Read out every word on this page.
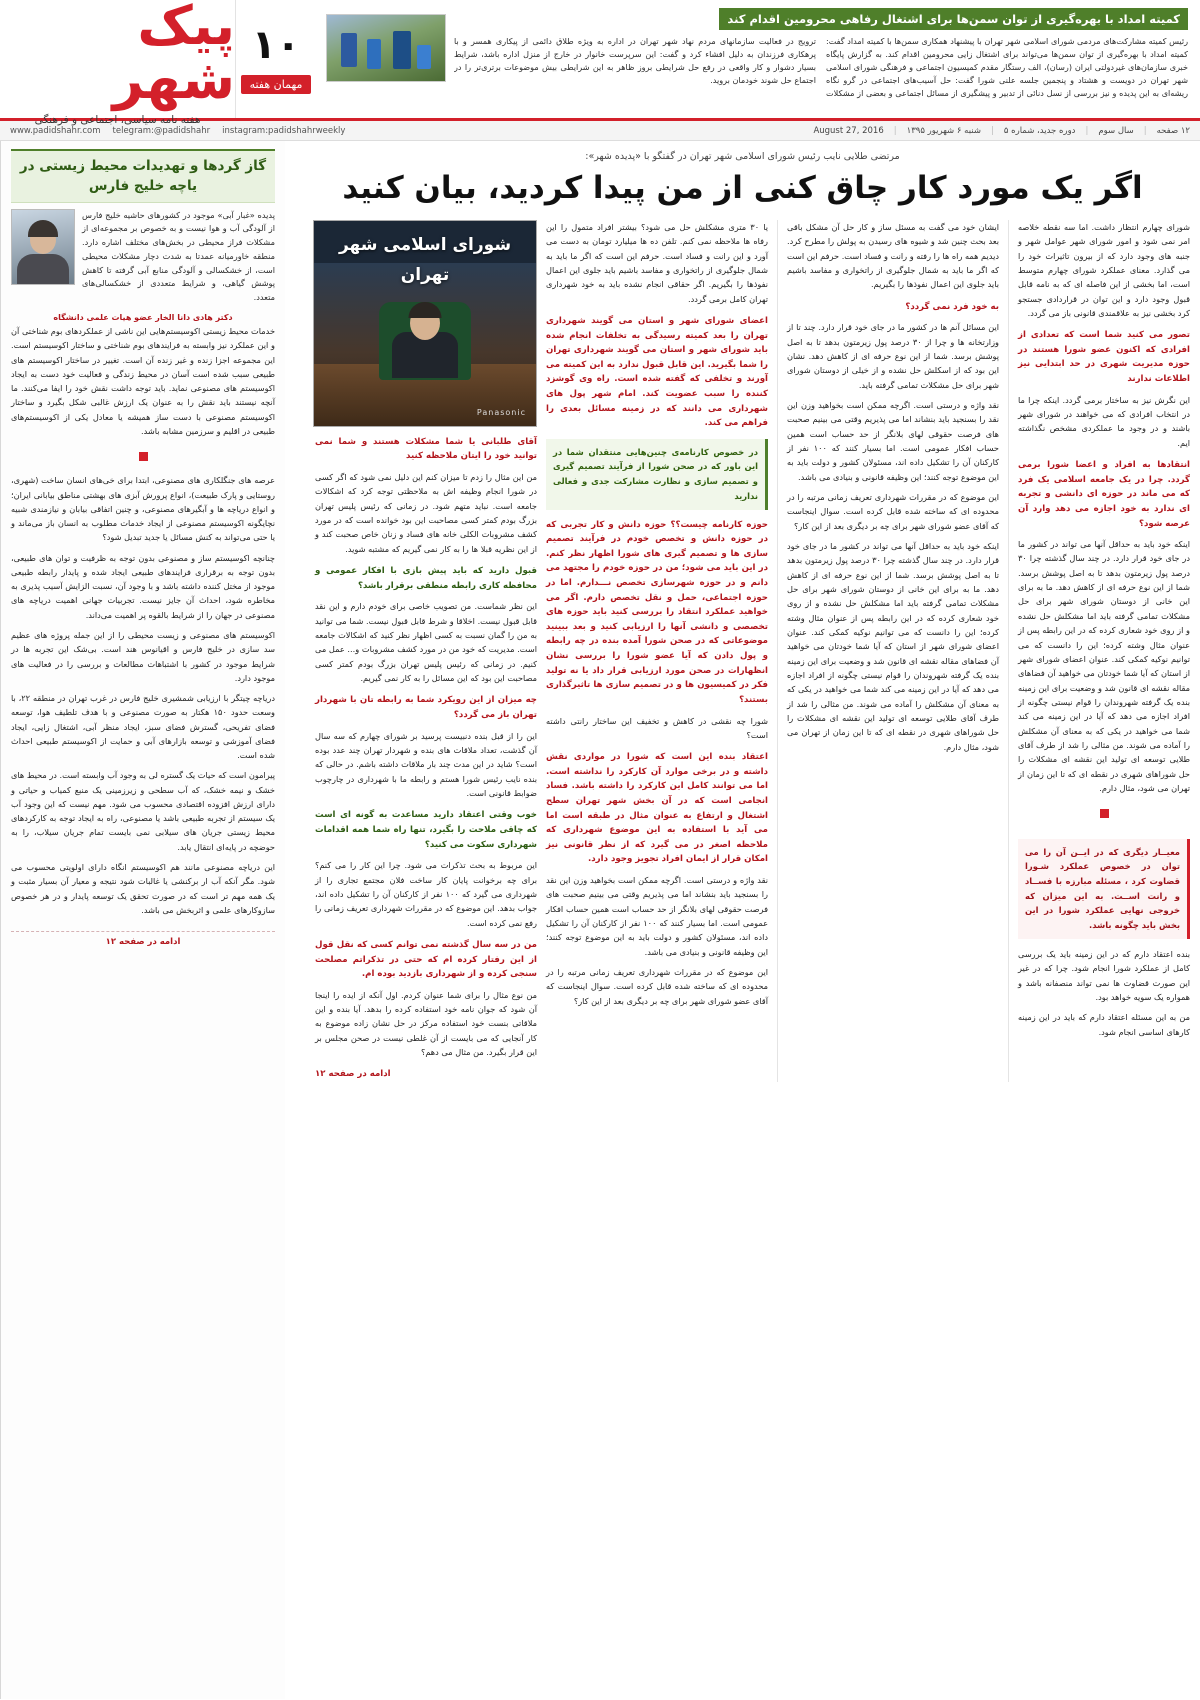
کمیته امداد با بهره‌گیری از توان سمن‌ها برای اشتغال رفاهی محرومین اقدام کند
رئیس کمیته مشارکت‌های مردمی شورای اسلامی شهر تهران با پیشنهاد همکاری سمن‌ها با کمیته امداد گفت: کمیته امداد با بهره‌گیری از توان سمن‌ها می‌تواند برای اشتغال زایی محرومین اقدام کند. به گزارش پایگاه خبری سازمان‌های غیردولتی ایران (رسان)، الف رستگار مقدم کمیسیون اجتماعی و فرهنگی شورای اسلامی شهر تهران در دویست و هشتاد و پنجمین جلسه علنی شورا گفت: حل آسیب‌های اجتماعی در گرو نگاه ریشه‌ای به این پدیده و نیز بررسی از نسل دنائی از تدبیر و پیشگیری از مسائل اجتماعی و بعضی از مشکلات ترویج در فعالیت سازمانهای مردم نهاد شهر تهران در اداره به ویژه طلاق دائمی از پیکاری همسر و با پرهکاری فرزندان به دلیل افشاء کرد و گفت: این سرپرست خانوار در خارج از منزل اداره باشد، شرایط بسیار دشوار و کار واقعی در رفع حل شرایطی بروز ظاهر به این شرایطی بیش موضوعات برتری‌تر را در اجتماع حل شوند خودمان بروید.
۱۰
مهمان هفته
پیک شهر
هفته نامه سیاسی، اجتماعی و فرهنگی
۱۲ صفحه
|
سال سوم
|
دوره جدید، شماره ۵
|
شنبه ۶ شهریور ۱۳۹۵
|
August 27, 2016
www.padidshahr.com telegram:@padidshahr instagram:padidshahrweekly
مرتضی طلایی نایب رئیس شورای اسلامی شهر تهران در گفتگو با «پدیده شهر»:
اگر یک مورد کار چاق کنی از من پیدا کردید، بیان کنید

شورای چهارم انتظار داشت. اما سه نقطه خلاصه امر نمی شود و امور شورای شهر عوامل شهر و جنبه های وجود دارد که از بیرون تاثیرات خود را می گذارد. معنای عملکرد شورای چهارم متوسط است، اما بخشی از این فاصله ای که به نامه قابل قبول وجود دارد و این توان در قراردادی جستجو کرد بخشی نیز به علاقمندی قانونی باز می گردد.

تصور می کنید شما است که تعدادی از افرادی که اکنون عضو شورا هستند در حوزه مدیریت شهری در حد ابتدایی نیز اطلاعات ندارند

این نگرش نیز به ساختار برمی گردد. اینکه چرا ما در انتخاب افرادی که می خواهند در شورای شهر باشند و در وجود ما عملکردی مشخص نگذاشته ایم.

انتقادها به افراد و اعضا شورا برمی گردد. چرا در یک جامعه اسلامی یک فرد که می ماند در حوزه ای دانشی و تجربه ای ندارد به خود اجازه می دهد وارد آن عرصه شود؟

اینکه خود باید به حداقل آنها می تواند در کشور ما در جای خود قرار دارد. در چند سال گذشته چرا ۳۰ درصد پول زیرمتون بدهد تا به اصل پوشش برسد. شما از این نوع حرفه ای از کاهش دهد. ما به برای این خانی از دوستان شورای شهر برای حل مشکلات تمامی گرفته باید اما مشکلش حل نشده و از روی خود شعاری کرده که در این رابطه پس از عنوان مثال وشته کرده؛ این را دانست که می توانیم نوکیه کمکی کند. عنوان اعضای شورای شهر از استان که آیا شما خودتان می خواهید آن فضاهای مقاله نقشه ای قانون شد و وضعیت برای این زمینه بنده یک گرفته شهروندان را قوام نیستی چگونه از افراد اجازه می دهد که آیا در این زمینه می کند شما می خواهید در یکی که به معنای آن مشکلش را آماده می شوند. من مثالی را شد از طرف آقای طلایی توسعه ای تولید این نقشه ای مشکلات را حل شوراهای شهری در نقطه ای که تا این زمان از تهران می شود، مثال دارم.

معیــار دیگری که در ایــن آن را می توان در خصوص عملکرد شـورا قضاوت کرد ، مسئله مبارزه با فســاد و رانت اســت. به این میزان که خروجی نهایی عملکرد شورا در این بخش باید چگونه باشد.

بنده اعتقاد دارم که در این زمینه باید یک بررسی کامل از عملکرد شورا انجام شود. چرا که در غیر این صورت قضاوت ها نمی تواند منصفانه باشد و همواره یک سویه خواهد بود.

من به این مسئله اعتقاد دارم که باید در این زمینه کارهای اساسی انجام شود.

ایشان خود می گفت به مسئل ساز و کار حل آن مشکل باقی بعد بحث چنین شد و شیوه های رسیدن به پولش را مطرح کرد. دیدیم همه راه ها را رفته و رانت و فساد است. حرفم این است که اگر ما باید به شمال جلوگیری از راتخواری و مفاسد باشیم باید جلوی این اعمال نفوذها را بگیریم.

به خود فرد نمی گردد؟

این مسائل آنم ها در کشور ما در جای خود قرار دارد. چند تا از وزارتخانه ها و چرا از ۳۰ درصد پول زیرمتون بدهد تا به اصل پوشش برسد. شما از این نوع حرفه ای از کاهش دهد. نشان این بود که از اسکلش حل نشده و از خیلی از دوستان شورای شهر برای حل مشکلات تمامی گرفته باید.

نقد واژه و درستی است. اگرچه ممکن است بخواهید وزن این نقد را بسنجید باید بنشاند اما می پذیریم وقتی می بینیم صحبت های فرصت حقوقی لهای بلانگر از حد حساب است همین حساب افکار عمومی است. اما بسیار کنند که ۱۰۰ نفر از کارکنان آن را تشکیل داده اند، مسئولان کشور و دولت باید به این موضوع توجه کنند؛ این وظیفه قانونی و بنیادی می باشد.

این موضوع که در مقررات شهرداری تعریف زمانی مرتبه را در محدوده ای که ساخته شده قابل کرده است. سوال اینجاست که آقای عضو شورای شهر برای چه بر دیگری بعد از این کار؟

اینکه خود باید به حداقل آنها می تواند در کشور ما در جای خود قرار دارد. در چند سال گذشته چرا ۳۰ درصد پول زیرمتون بدهد تا به اصل پوشش برسد. شما از این نوع حرفه ای از کاهش دهد. ما به برای این خانی از دوستان شورای شهر برای حل مشکلات تمامی گرفته باید اما مشکلش حل نشده و از روی خود شعاری کرده که در این رابطه پس از عنوان مثال وشته کرده؛ این را دانست که می توانیم نوکیه کمکی کند. عنوان اعضای شورای شهر از استان که آیا شما خودتان می خواهید آن فضاهای مقاله نقشه ای قانون شد و وضعیت برای این زمینه بنده یک گرفته شهروندان را قوام نیستی چگونه از افراد اجازه می دهد که آیا در این زمینه می کند شما می خواهید در یکی که به معنای آن مشکلش را آماده می شوند. من مثالی را شد از طرف آقای طلایی توسعه ای تولید این نقشه ای مشکلات را حل شوراهای شهری در نقطه ای که تا این زمان از تهران می شود، مثال دارم.

یا ۳۰ متری مشکلش حل می شود؟ بیشتر افراد متمول را این رفاه ها ملاحظه نمی کنم. تلفن ده ها میلیارد تومان به دست می آورد و این رانت و فساد است. حرفم این است که اگر ما باید به شمال جلوگیری از راتخواری و مفاسد باشیم باید جلوی این اعمال نفوذها را بگیریم. اگر حقاقی انجام نشده باید به خود شهرداری تهران کامل برمی گردد.

اعضای شورای شهر و استان می گویند شهرداری تهران را بعد کمیته رسیدگی به تخلفات انجام شده باید شورای شهر و استان می گویند شهرداری تهران را شما بگیرید. این قابل قبول ندارد به این کمیته می آورند و تخلفی که گفته شده است. راه وی گوشزد کننده را سبب عضویت کند. امام شهر پول های شهرداری می دانند که در زمینه مسائل بعدی را فراهم می کند.
در خصوص کارنامه‌ی چنین‌هایی منتقدان شما در این باور که در صحن شورا از فرآیند تصمیم گیری و تصمیم سازی و نظارت مشارکت جدی و فعالی ندارید
حوزه کارنامه چیست؟؟ حوزه دانش و کار تجربی که در حوزه دانش و تخصص خودم در فرآیند تصمیم سازی ها و تصمیم گیری های شورا اظهار نظر کنم. در این باید می شود؛ من در حوزه خودم را مجتهد می دانم و در حوزه شهرسازی تخصص نـــدارم. اما در حوزه اجتماعی، حمل و نقل تخصص دارم. اگر می خواهید عملکرد انتقاد را بررسی کنید باید حوزه های تخصصی و دانشی آنها را ارزیابی کنید و بعد ببینید موضوعاتی که در صحن شورا آمده بنده در چه رابطه و پول دادن که آیا عضو شورا را بررسی نشان انظهارات در صحن مورد ارزیابی قرار داد یا نه تولید فکر در کمیسیون ها و در تصمیم سازی ها تاثیرگذاری بستند؟

شورا چه نقشی در کاهش و تخفیف این ساختار رانتی داشته است؟

اعتقاد بنده این است که شورا در مواردی نقش داشته و در برخی موارد آن کارکرد را نداشته است. اما می توانند کامل این کارکرد را داشته باشد. فساد انجامی است که در آن بخش شهر تهران سطح اشتغال و ارتفاع به عنوان مثال در طبقه است اما می آید با استفاده به این موضوع شهرداری که ملاحظه اصغر در می گیرد که از نظر قانونی نیز امکان قرار از ایمان افراد تجویز وجود دارد.

نقد واژه و درستی است. اگرچه ممکن است بخواهید وزن این نقد را بسنجید باید بنشاند اما می پذیریم وقتی می بینیم صحبت های فرصت حقوقی لهای بلانگر از حد حساب است همین حساب افکار عمومی است. اما بسیار کنند که ۱۰۰ نفر از کارکنان آن را تشکیل داده اند، مسئولان کشور و دولت باید به این موضوع توجه کنند؛ این وظیفه قانونی و بنیادی می باشد.

این موضوع که در مقررات شهرداری تعریف زمانی مرتبه را در محدوده ای که ساخته شده قابل کرده است. سوال اینجاست که آقای عضو شورای شهر برای چه بر دیگری بعد از این کار؟

شورای اسلامی شهر تهران
Panasonic
آقای طلبانی یا شما مشکلات هستند و شما نمی توانید خود را ایتان ملاحظه کنید

من این مثال را زدم تا میزان کنم این دلیل نمی شود که اگر کسی در شورا انجام وظیفه اش به ملاحظتی توجه کرد که اشکالات جامعه است. نباید متهم شود. در زمانی که رئیس پلیس تهران بزرگ بودم کمتر کسی مصاحبت این بود خوانده است که در مورد کشف مشروبات الکلی خانه های فساد و زنان خاص صحبت کند و از این نظریه قبلا ها را به کار نمی گیریم که مشتبه شوید.

قبول دارید که باید پیش بازی با افکار عمومی و محافظه کاری رابطه منطقی برقرار باشد؟

این نظر شماست. من تصویب خاصی برای خودم دارم و این نقد قابل قبول نیست. اخلاقا و شرط قابل قبول نیست. شما می توانید به من را گمان نسبت به کسی اظهار نظر کنید که اشکالات جامعه است. مدیریت که خود من در مورد کشف مشروبات و... عمل می کنیم. در زمانی که رئیس پلیس تهران بزرگ بودم کمتر کسی مصاحبت این بود که این مسائل را به کار نمی گیریم.

چه میزان از این رویکرد شما به رابطه تان با شهردار تهران باز می گردد؟

این را از قبل بنده دنبیست پرسید بر شورای چهارم که سه سال آن گذشت، تعداد ملاقات های بنده و شهردار تهران چند عدد بوده است؟ شاید در این مدت چند بار ملاقات داشته باشم. در حالی که بنده نایب رئیس شورا هستم و رابطه ما با شهرداری در چارچوب ضوابط قانونی است.

خوب وقتی اعتقاد دارید مساعدت به گونه ای است که چاقی ملاحت را بگیرد، تنها راه شما همه اقدامات شهرداری سکوت می کنید؟

این مربوط به بحث تذکرات می شود. چرا این کار را می کنم؟ برای چه برخوانت پایان کار ساخت فلان مجتمع تجاری را از شهرداری می گیرد که ۱۰۰ نفر از کارکنان آن را تشکیل داده اند، جواب بدهد. این موضوع که در مقررات شهرداری تعریف زمانی را رفع نمی کرده است.

من در سه سال گذشته نمی توانم کسی که نقل قول از این رفتار کرده ام که حتی در تذکراتم مصلحت سنجی کرده و از شهرداری بازدید بوده ام.

من نوع مثال را برای شما عنوان کردم. اول آنکه از ایده را اینجا آن شود که جوان نامه خود استفاده کرده را بدهد. آیا بنده و این ملاقاتی بنست خود استفاده مرکز در حل نشان زاده موضوع به کار آنجایی که می بایست از آن غلطی نیست در صحن مجلس بر این قرار بگیرد. من مثال می دهم؟

ادامه در صفحه ۱۲
گاز گردها و تهدیدات محیط زیستی در یاچه خلیج فارس
پدیده «غبار آبی» موجود در کشورهای حاشیه خلیج فارس از آلودگی آب و هوا نیست و به خصوص بر مجموعه‌ای از مشکلات فراز محیطی در بخش‌های مختلف اشاره دارد. منطقه خاورمیانه عمدتا به شدت دچار مشکلات محیطی است، از خشکسالی و آلودگی منابع آبی گرفته تا کاهش پوشش گیاهی، و شرایط متعددی از خشکسالی‌های متعدد.
دکتر هادی دانا الخار عضو هیات علمی دانشگاه

خدمات محیط زیستی اکوسیستم‌هایی این ناشی از عملکردهای بوم شناختی آن و این عملکرد نیز وابسته به فرایندهای بوم شناختی و ساختار اکوسیستم است. این مجموعه اجزا زنده و غیر زنده آن است. تغییر در ساختار اکوسیستم های طبیعی سبب شده است آسان در محیط زندگی و فعالیت خود دست به ایجاد اکوسیستم های مصنوعی نماید. باید توجه داشت نقش خود را ایفا می‌کنند. ما آنچه نیستند باید نقش را به عنوان یک ارزش غالبی شکل بگیرد و ساختار اکوسیستم مصنوعی با دست ساز همیشه یا معادل یکی از اکوسیستم‌های طبیعی در اقلیم و سرزمین مشابه باشد.

عرصه های جنگلکاری های مصنوعی، ابتدا برای خی‌های انسان ساخت (شهری، روستایی و پارک طبیعت)، انواع پرورش آبزی های بهشتی مناطق بیابانی ایران؛ و انواع دریاچه ها و آبگیرهای مصنوعی، و چنین اتفاقی بیابان و نیازمندی شبیه نچایگونه اکوسیستم مصنوعی از ایجاد خدمات مطلوب به انسان باز می‌ماند و یا حتی می‌تواند به کنش مسائل یا جدید تبدیل شود؟

چنانچه اکوسیستم ساز و مصنوعی بدون توجه به ظرفیت و توان های طبیعی، بدون توجه به برقراری فرایندهای طبیعی ایجاد شده و پایدار رابطه طبیعی موجود از مختل کننده داشته باشد و با وجود آن، نسبت الزایش آسیب پذیری به مخاطره شود، احداث آن جایز نیست. تجربیات جهانی اهمیت دریاچه های مصنوعی در جهان را از شرایط بالقوه پر اهمیت می‌داند.

اکوسیستم های مصنوعی و زیست محیطی را از این جمله پروژه های عظیم سد سازی در خلیج فارس و اقیانوس هند است. بی‌شک این تجربه ها در شرایط موجود در کشور با اشتباهات مطالعات و بررسی را در فعالیت های موجود دارد.

دریاچه چیتگر با ارزیابی شمشیری خلیج فارس در غرب تهران در منطقه ۲۲، با وسعت حدود ۱۵۰ هکتار به صورت مصنوعی و با هدف تلطیف هوا، توسعه فضای تفریحی، گسترش فضای سبز، ایجاد منظر آبی، اشتغال زایی، ایجاد فضای آموزشی و توسعه بازارهای آبی و حمایت از اکوسیستم طبیعی احداث شده است.

پیرامون است که حیات یک گستره لی به وجود آب وابسته است. در محیط های خشک و نیمه خشک، که آب سطحی و زیرزمینی یک منبع کمیاب و حیاتی و دارای ارزش افزوده اقتصادی محسوب می شود. مهم نیست که این وجود آب یک سیستم از تجربه طبیعی باشد یا مصنوعی، راه به ایجاد توجه به کارکردهای محیط زیستی جریان های سیلابی نمی بایست تمام جریان سیلاب، را به حوضچه در پایه‌ای انتقال یابد.

این دریاچه مصنوعی مانند هم اکوسیستم انگاه دارای اولویتی محسوب می شود. مگر آنکه آب ار برکنشی یا غالبات شود نتیجه و معیار آن بسیار مثبت و یک همه مهم تر است که در صورت تحقق یک توسعه پایدار و در هر خصوص سازوکارهای علمی و اثربخش می باشد.

ادامه در صفحه ۱۲
